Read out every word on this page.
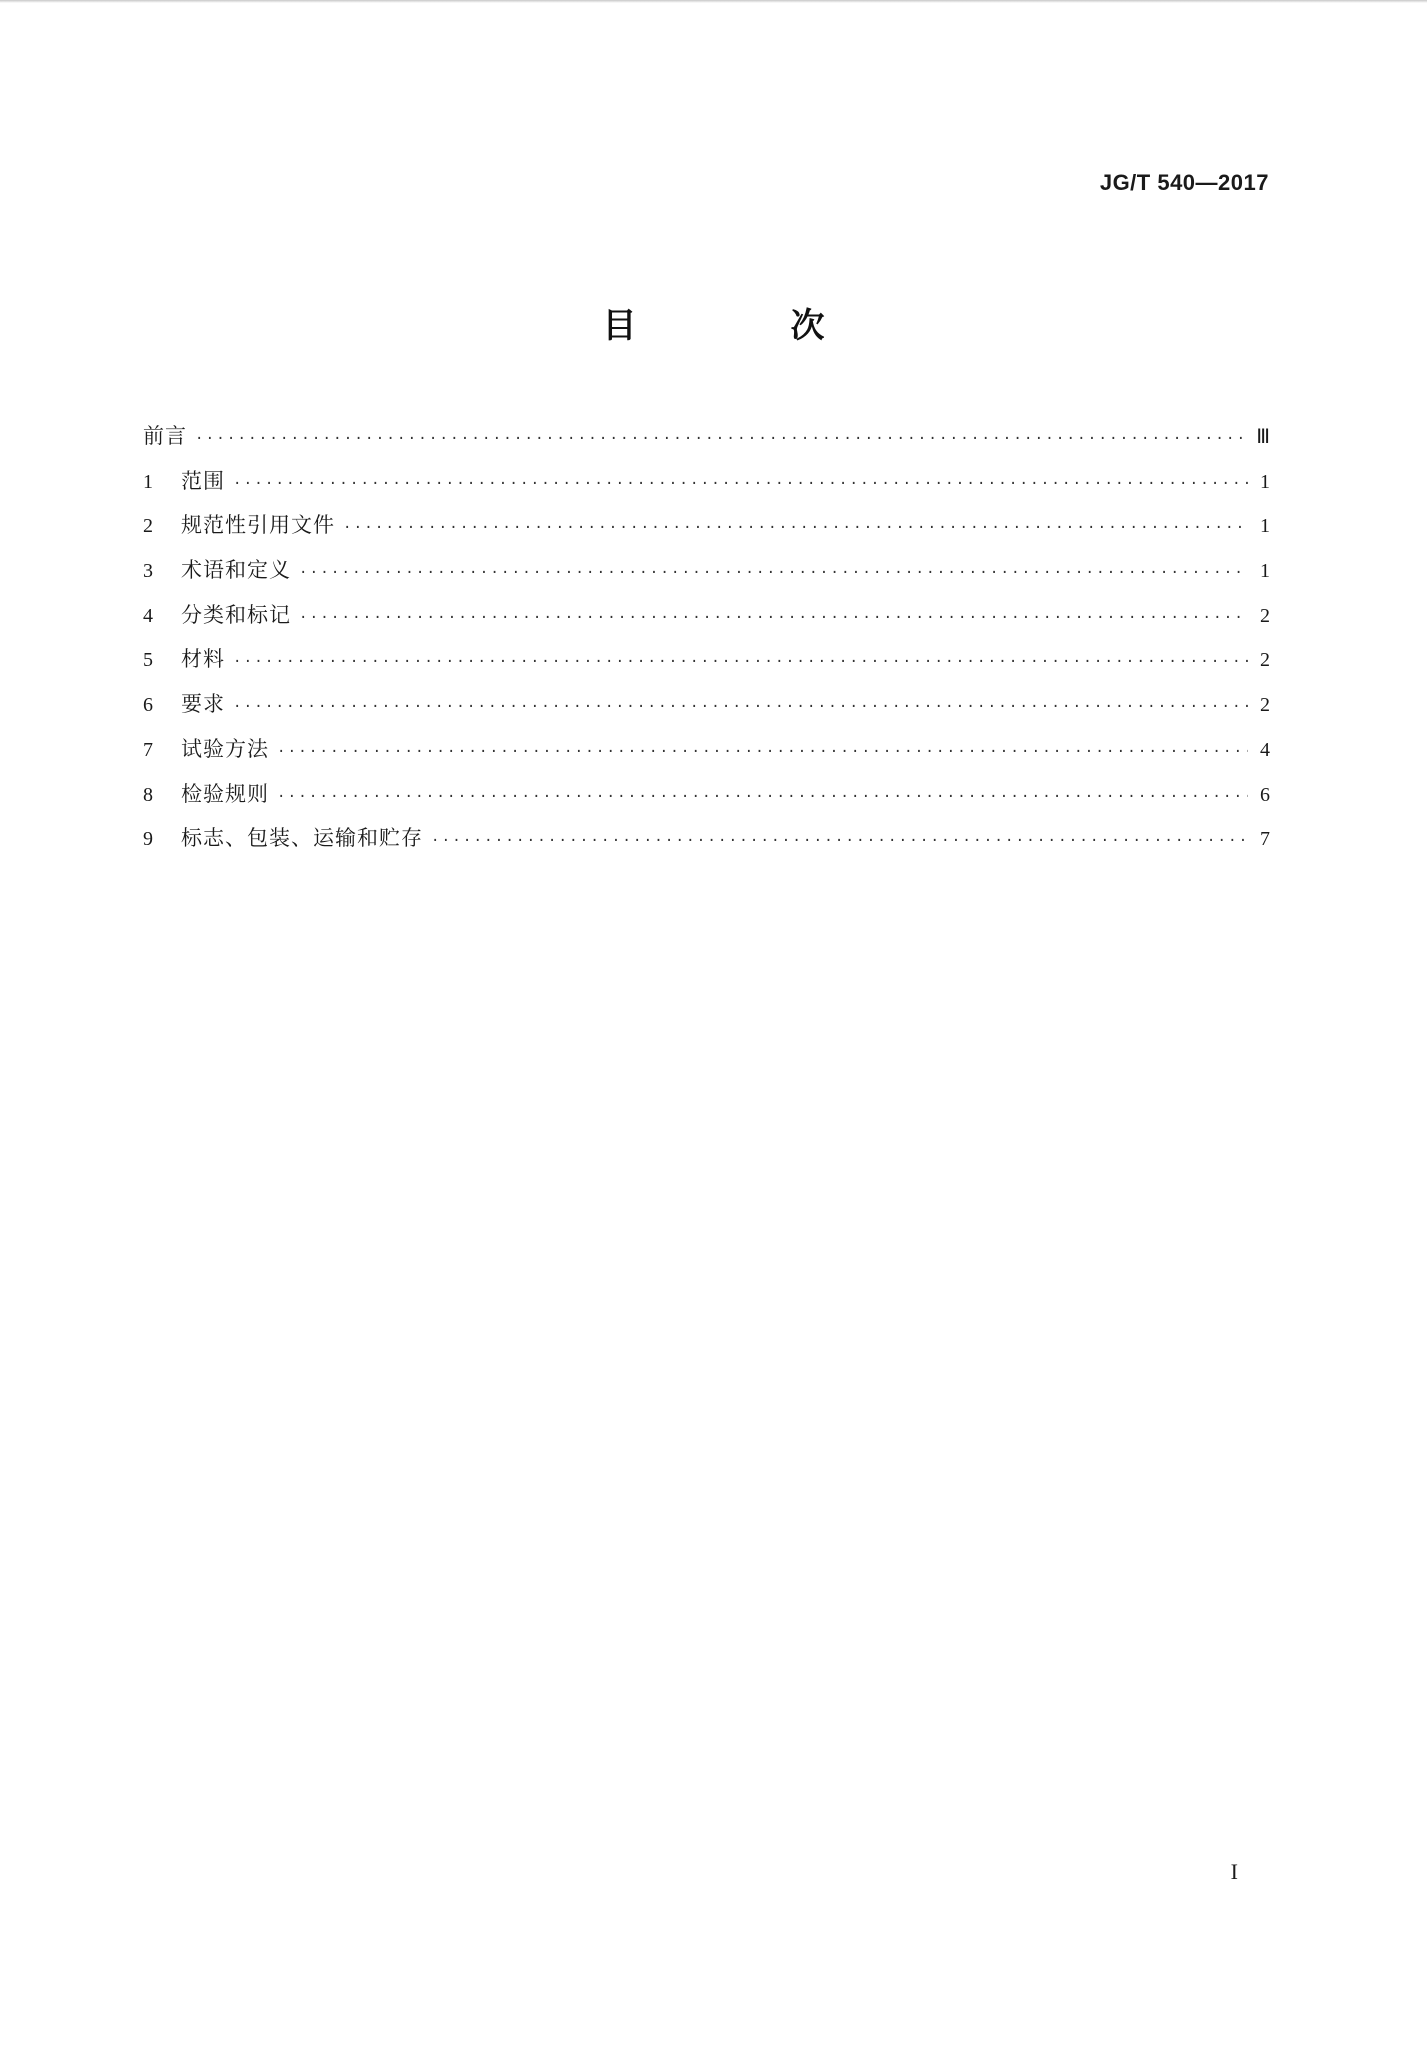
JG/T 540—2017
目　次
前言 ·····	Ⅲ
1	范围 ·····	1
2	规范性引用文件 ·····	1
3	术语和定义 ·····	1
4	分类和标记 ·····	2
5	材料 ·····	2
6	要求 ·····	2
7	试验方法 ·····	4
8	检验规则 ·····	6
9	标志、包装、运输和贮存 ·····	7
I
